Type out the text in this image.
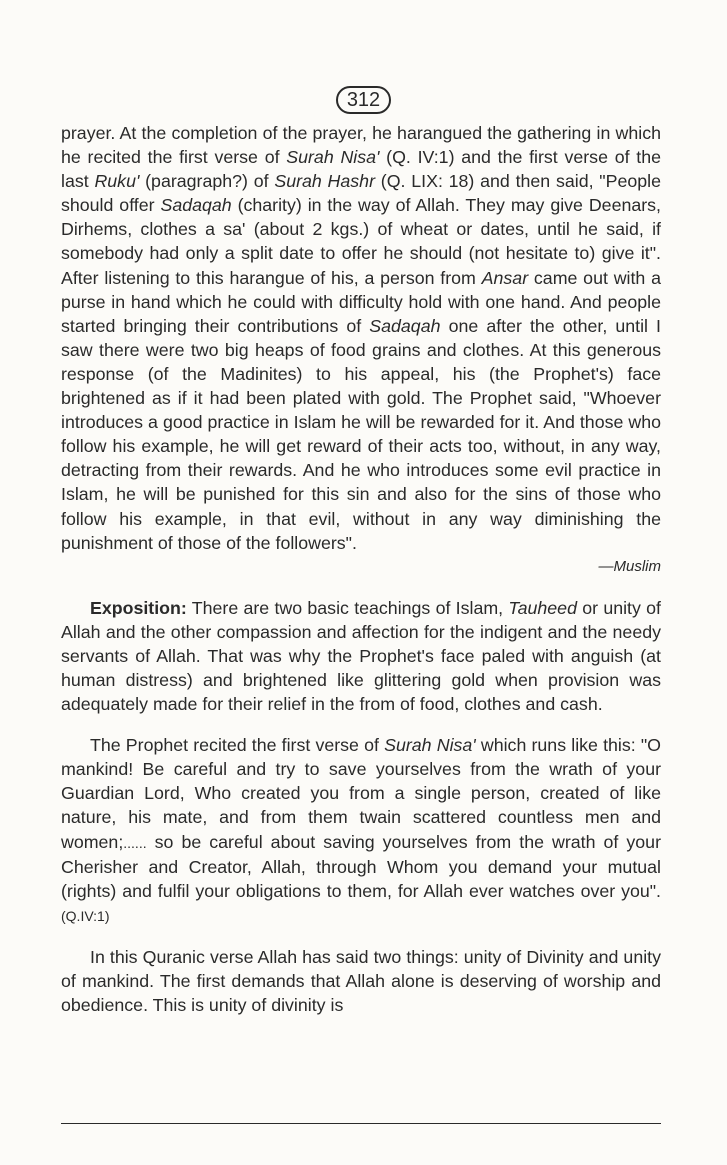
312

prayer. At the completion of the prayer, he harangued the gathering in which he recited the first verse of Surah Nisa' (Q. IV:1) and the first verse of the last Ruku' (paragraph?) of Surah Hashr (Q. LIX: 18) and then said, "People should offer Sadaqah (charity) in the way of Allah. They may give Deenars, Dirhems, clothes a sa' (about 2 kgs.) of wheat or dates, until he said, if somebody had only a split date to offer he should (not hesitate to) give it". After listening to this harangue of his, a person from Ansar came out with a purse in hand which he could with difficulty hold with one hand. And people started bringing their contributions of Sadaqah one after the other, until I saw there were two big heaps of food grains and clothes. At this generous response (of the Madinites) to his appeal, his (the Prophet's) face brightened as if it had been plated with gold. The Prophet said, "Whoever introduces a good practice in Islam he will be rewarded for it. And those who follow his example, he will get reward of their acts too, without, in any way, detracting from their rewards. And he who introduces some evil practice in Islam, he will be punished for this sin and also for the sins of those who follow his example, in that evil, without in any way diminishing the punishment of those of the followers".

—Muslim

Exposition: There are two basic teachings of Islam, Tauheed or unity of Allah and the other compassion and affection for the indigent and the needy servants of Allah. That was why the Prophet's face paled with anguish (at human distress) and brightened like glittering gold when provision was adequately made for their relief in the from of food, clothes and cash.

The Prophet recited the first verse of Surah Nisa' which runs like this: "O mankind! Be careful and try to save yourselves from the wrath of your Guardian Lord, Who created you from a single person, created of like nature, his mate, and from them twain scattered countless men and women;...... so be careful about saving yourselves from the wrath of your Cherisher and Creator, Allah, through Whom you demand your mutual (rights) and fulfil your obligations to them, for Allah ever watches over you". (Q.IV:1)

In this Quranic verse Allah has said two things: unity of Divinity and unity of mankind. The first demands that Allah alone is deserving of worship and obedience. This is unity of divinity is
